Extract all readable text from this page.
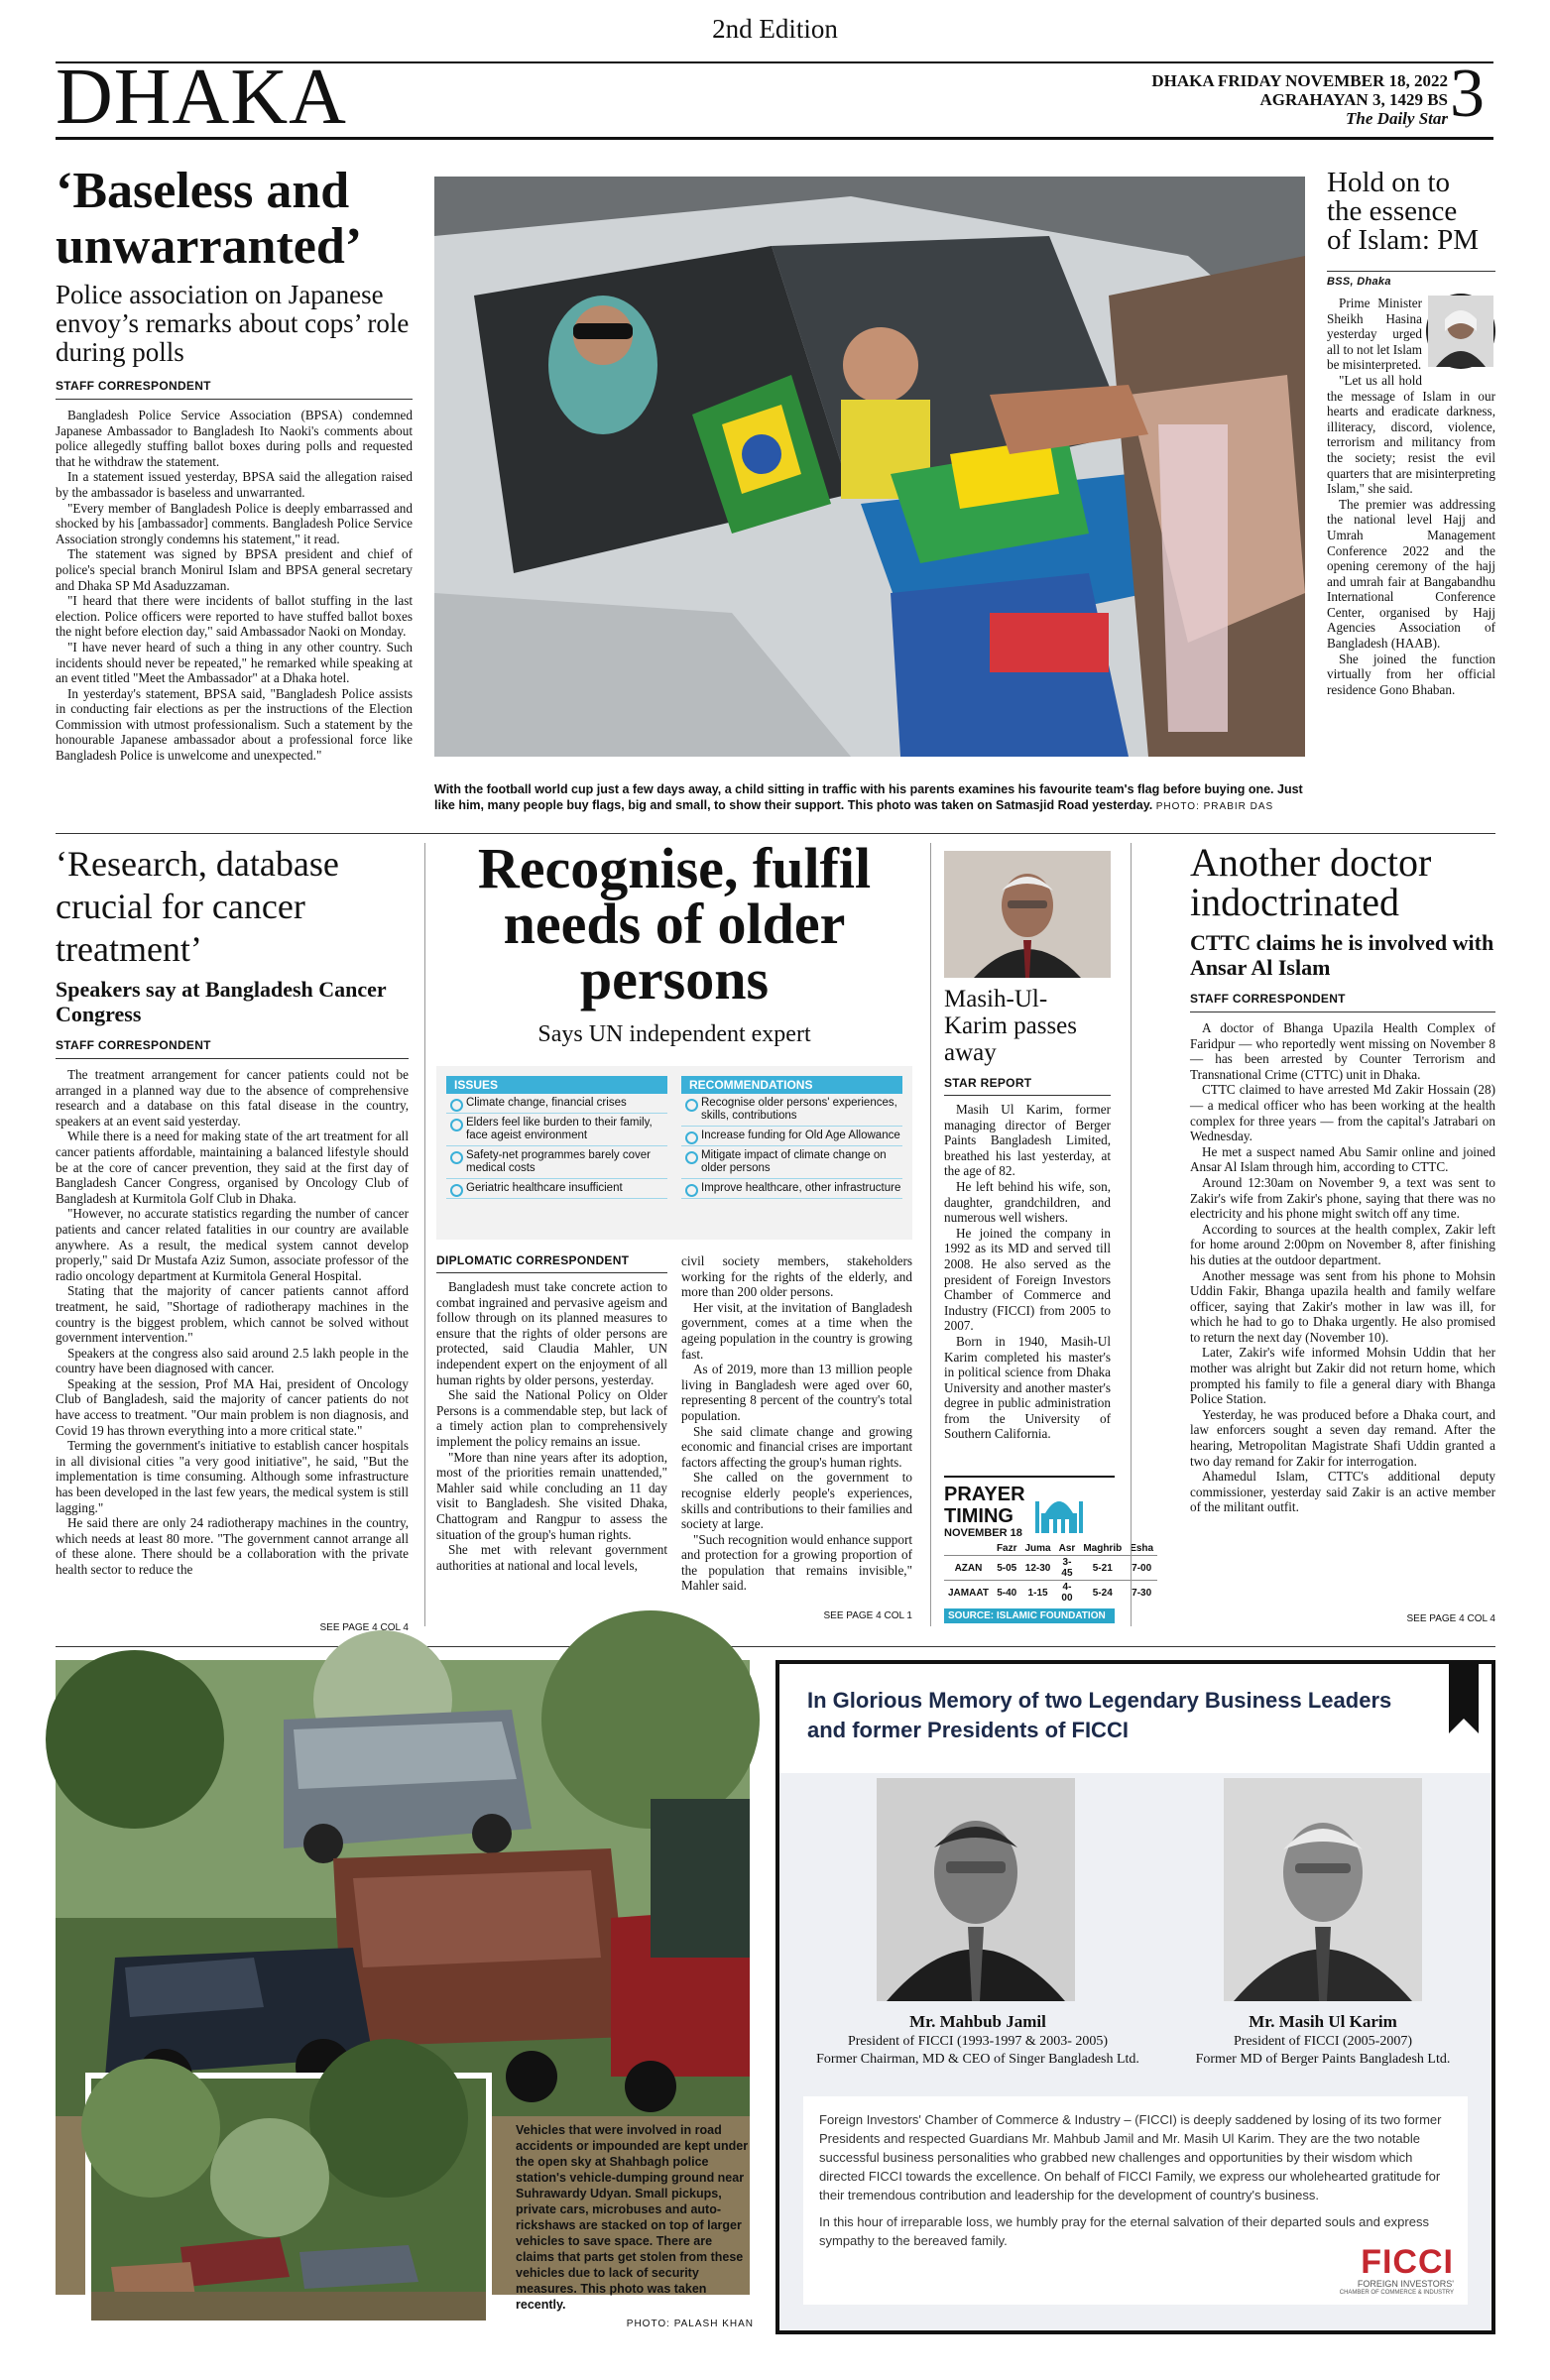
2nd Edition
DHAKA	DHAKA FRIDAY NOVEMBER 18, 2022
AGRAHAYAN 3, 1429 BS
The Daily Star 3
‘Baseless and
unwarranted’
Police association on Japanese envoy’s remarks about cops’ role during polls
STAFF CORRESPONDENT

Bangladesh Police Service Association (BPSA) condemned Japanese Ambassador to Bangladesh Ito Naoki's comments about police allegedly stuffing ballot boxes during polls and requested that he withdraw the statement.

In a statement issued yesterday, BPSA said the allegation raised by the ambassador is baseless and unwarranted.

"Every member of Bangladesh Police is deeply embarrassed and shocked by his [ambassador] comments. Bangladesh Police Service Association strongly condemns his statement," it read.

The statement was signed by BPSA president and chief of police's special branch Monirul Islam and BPSA general secretary and Dhaka SP Md Asaduzzaman.

"I heard that there were incidents of ballot stuffing in the last election. Police officers were reported to have stuffed ballot boxes the night before election day," said Ambassador Naoki on Monday.

"I have never heard of such a thing in any other country. Such incidents should never be repeated," he remarked while speaking at an event titled "Meet the Ambassador" at a Dhaka hotel.

In yesterday's statement, BPSA said, "Bangladesh Police assists in conducting fair elections as per the instructions of the Election Commission with utmost professionalism. Such a statement by the honourable Japanese ambassador about a professional force like Bangladesh Police is unwelcome and unexpected."

With the football world cup just a few days away, a child sitting in traffic with his parents examines his favourite team's flag before buying one. Just like him, many people buy flags, big and small, to show their support. This photo was taken on Satmasjid Road yesterday. PHOTO: PRABIR DAS
Hold on to
the essence
of Islam: PM
BSS, Dhaka

Prime Minister Sheikh Hasina yesterday urged all to not let Islam be misinterpreted.

"Let us all hold the message of Islam in our hearts and eradicate darkness, illiteracy, discord, violence, terrorism and militancy from the society; resist the evil quarters that are misinterpreting Islam," she said.

The premier was addressing the national level Hajj and Umrah Management Conference 2022 and the opening ceremony of the hajj and umrah fair at Bangabandhu International Conference Center, organised by Hajj Agencies Association of Bangladesh (HAAB).

She joined the function virtually from her official residence Gono Bhaban.

‘Research, database
crucial for cancer
treatment’
Speakers say at Bangladesh Cancer Congress
STAFF CORRESPONDENT

The treatment arrangement for cancer patients could not be arranged in a planned way due to the absence of comprehensive research and a database on this fatal disease in the country, speakers at an event said yesterday.

While there is a need for making state of the art treatment for all cancer patients affordable, maintaining a balanced lifestyle should be at the core of cancer prevention, they said at the first day of Bangladesh Cancer Congress, organised by Oncology Club of Bangladesh at Kurmitola Golf Club in Dhaka.

"However, no accurate statistics regarding the number of cancer patients and cancer related fatalities in our country are available anywhere. As a result, the medical system cannot develop properly," said Dr Mustafa Aziz Sumon, associate professor of the radio oncology department at Kurmitola General Hospital.

Stating that the majority of cancer patients cannot afford treatment, he said, "Shortage of radiotherapy machines in the country is the biggest problem, which cannot be solved without government intervention."

Speakers at the congress also said around 2.5 lakh people in the country have been diagnosed with cancer.

Speaking at the session, Prof MA Hai, president of Oncology Club of Bangladesh, said the majority of cancer patients do not have access to treatment. "Our main problem is non diagnosis, and Covid 19 has thrown everything into a more critical state."

Terming the government's initiative to establish cancer hospitals in all divisional cities "a very good initiative", he said, "But the implementation is time consuming. Although some infrastructure has been developed in the last few years, the medical system is still lagging."

He said there are only 24 radiotherapy machines in the country, which needs at least 80 more. "The government cannot arrange all of these alone. There should be a collaboration with the private health sector to reduce the

SEE PAGE 4 COL 4
Recognise, fulfil
needs of older
persons
Says UN independent expert
ISSUES
Climate change, financial crises
Elders feel like burden to their family, face ageist environment
Safety-net programmes barely cover medical costs
Geriatric healthcare insufficient
RECOMMENDATIONS
Recognise older persons' experiences, skills, contributions
Increase funding for Old Age Allowance
Mitigate impact of climate change on older persons
Improve healthcare, other infrastructure
DIPLOMATIC CORRESPONDENT

Bangladesh must take concrete action to combat ingrained and pervasive ageism and follow through on its planned measures to ensure that the rights of older persons are protected, said Claudia Mahler, UN independent expert on the enjoyment of all human rights by older persons, yesterday.

She said the National Policy on Older Persons is a commendable step, but lack of a timely action plan to comprehensively implement the policy remains an issue.

"More than nine years after its adoption, most of the priorities remain unattended," Mahler said while concluding an 11 day visit to Bangladesh. She visited Dhaka, Chattogram and Rangpur to assess the situation of the group's human rights.

She met with relevant government authorities at national and local levels,

civil society members, stakeholders working for the rights of the elderly, and more than 200 older persons.

Her visit, at the invitation of Bangladesh government, comes at a time when the ageing population in the country is growing fast.

As of 2019, more than 13 million people living in Bangladesh were aged over 60, representing 8 percent of the country's total population.

She said climate change and growing economic and financial crises are important factors affecting the group's human rights.

She called on the government to recognise elderly people's experiences, skills and contributions to their families and society at large.

"Such recognition would enhance support and protection for a growing proportion of the population that remains invisible," Mahler said.

SEE PAGE 4 COL 1
Masih-Ul-
Karim passes
away
STAR REPORT

Masih Ul Karim, former managing director of Berger Paints Bangladesh Limited, breathed his last yesterday, at the age of 82.

He left behind his wife, son, daughter, grandchildren, and numerous well wishers.

He joined the company in 1992 as its MD and served till 2008. He also served as the president of Foreign Investors Chamber of Commerce and Industry (FICCI) from 2005 to 2007.

Born in 1940, Masih-Ul Karim completed his master's in political science from Dhaka University and another master's degree in public administration from the University of Southern California.

PRAYER
TIMING
NOVEMBER 18
	Fazr	Juma	Asr	Maghrib	Esha
AZAN	5-05	12-30	3-45	5-21	7-00
JAMAAT	5-40	1-15	4-00	5-24	7-30
SOURCE: ISLAMIC FOUNDATION
Another doctor
indoctrinated
CTTC claims he is involved with Ansar Al Islam
STAFF CORRESPONDENT

A doctor of Bhanga Upazila Health Complex of Faridpur — who reportedly went missing on November 8 — has been arrested by Counter Terrorism and Transnational Crime (CTTC) unit in Dhaka.

CTTC claimed to have arrested Md Zakir Hossain (28) — a medical officer who has been working at the health complex for three years — from the capital's Jatrabari on Wednesday.

He met a suspect named Abu Samir online and joined Ansar Al Islam through him, according to CTTC.

Around 12:30am on November 9, a text was sent to Zakir's wife from Zakir's phone, saying that there was no electricity and his phone might switch off any time.

According to sources at the health complex, Zakir left for home around 2:00pm on November 8, after finishing his duties at the outdoor department.

Another message was sent from his phone to Mohsin Uddin Fakir, Bhanga upazila health and family welfare officer, saying that Zakir's mother in law was ill, for which he had to go to Dhaka urgently. He also promised to return the next day (November 10).

Later, Zakir's wife informed Mohsin Uddin that her mother was alright but Zakir did not return home, which prompted his family to file a general diary with Bhanga Police Station.

Yesterday, he was produced before a Dhaka court, and law enforcers sought a seven day remand. After the hearing, Metropolitan Magistrate Shafi Uddin granted a two day remand for Zakir for interrogation.

Ahamedul Islam, CTTC's additional deputy commissioner, yesterday said Zakir is an active member of the militant outfit.

SEE PAGE 4 COL 4
Vehicles that were involved in road accidents or impounded are kept under the open sky at Shahbagh police station's vehicle-dumping ground near Suhrawardy Udyan. Small pickups, private cars, microbuses and auto-rickshaws are stacked on top of larger vehicles to save space. There are claims that parts get stolen from these vehicles due to lack of security measures. This photo was taken recently.
PHOTO: PALASH KHAN
In Glorious Memory of two Legendary Business Leaders
and former Presidents of FICCI
Mr. Mahbub Jamil
President of FICCI (1993-1997 & 2003- 2005)
Former Chairman, MD & CEO of Singer Bangladesh Ltd.
Mr. Masih Ul Karim
President of FICCI (2005-2007)
Former MD of Berger Paints Bangladesh Ltd.

Foreign Investors' Chamber of Commerce & Industry – (FICCI) is deeply saddened by losing of its two former Presidents and respected Guardians Mr. Mahbub Jamil and Mr. Masih Ul Karim. They are the two notable successful business personalities who grabbed new challenges and opportunities by their wisdom which directed FICCI towards the excellence. On behalf of FICCI Family, we express our wholehearted gratitude for their tremendous contribution and leadership for the development of country's business.

In this hour of irreparable loss, we humbly pray for the eternal salvation of their departed souls and express sympathy to the bereaved family.

FICCI
FOREIGN INVESTORS'
CHAMBER OF COMMERCE & INDUSTRY
